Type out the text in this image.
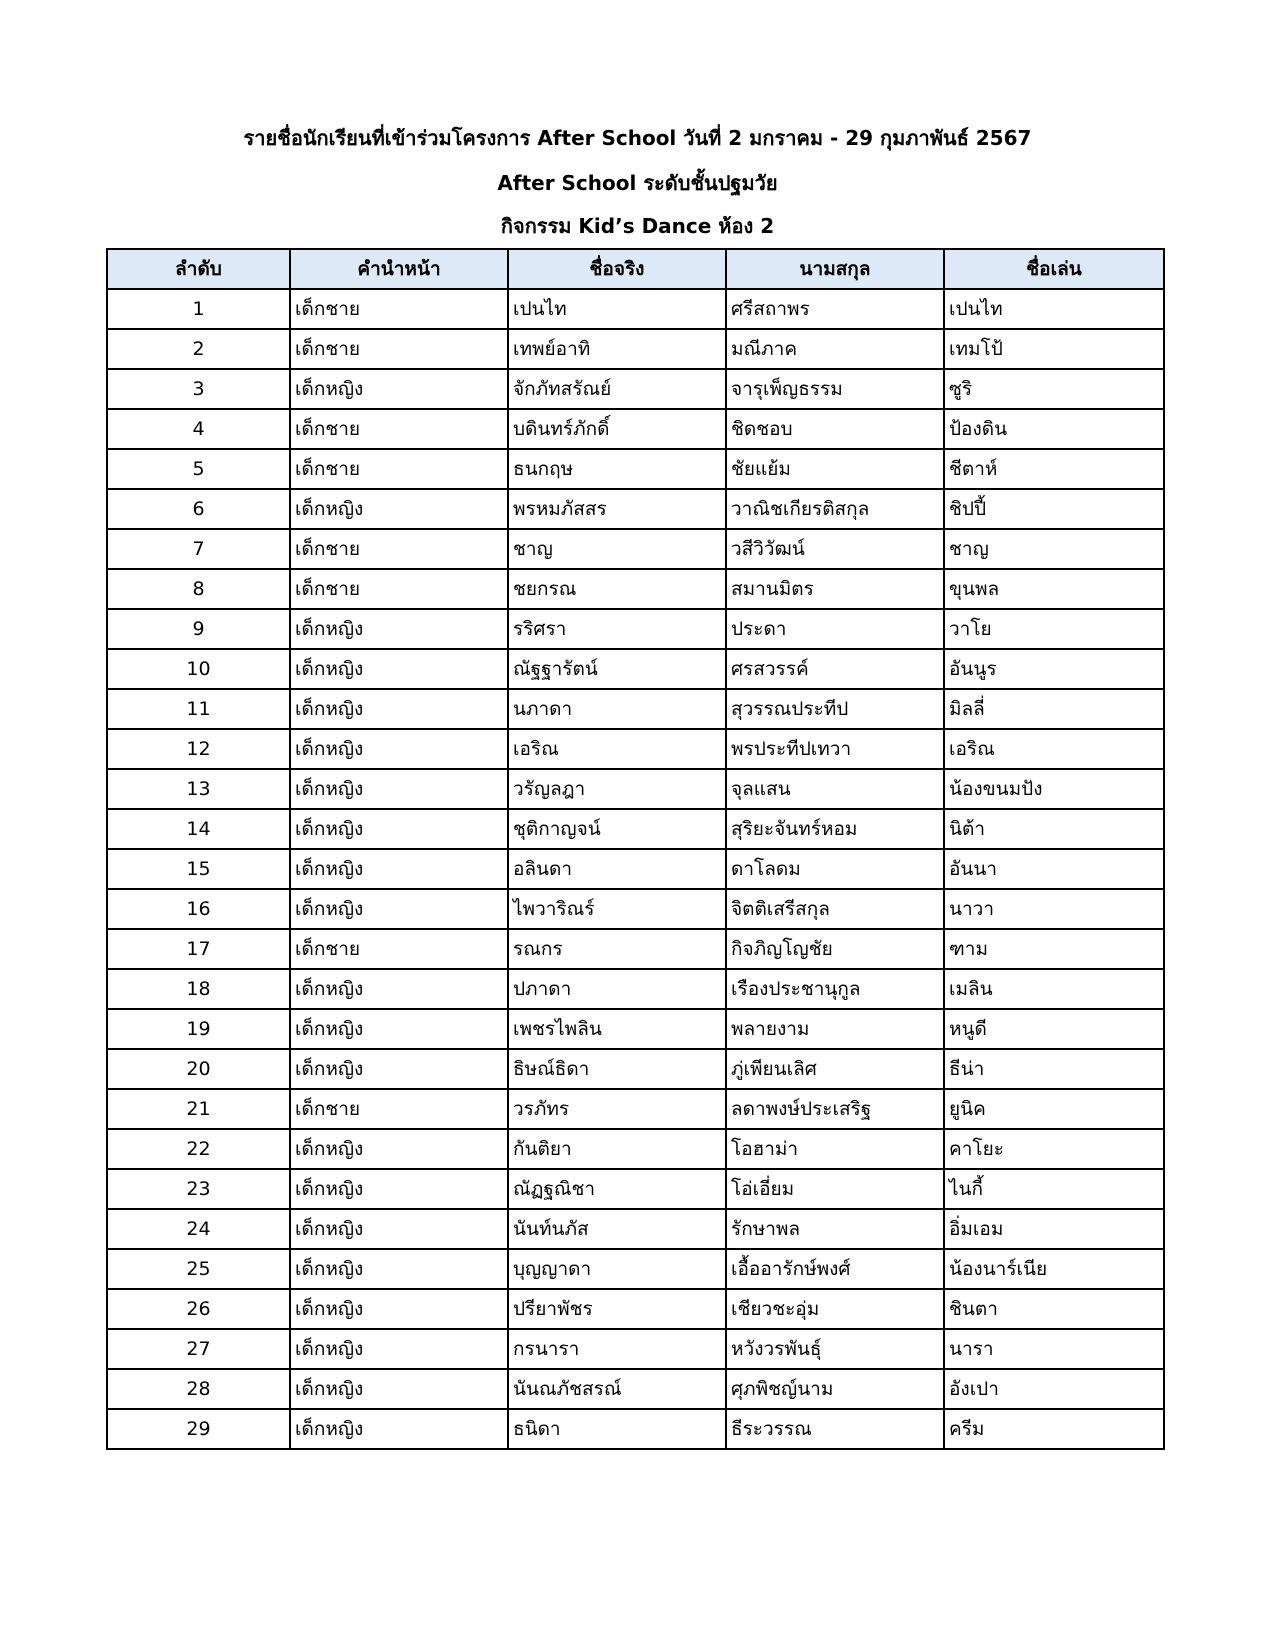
รายชื่อนักเรียนที่เข้าร่วมโครงการ After School วันที่ 2 มกราคม - 29 กุมภาพันธ์ 2567
After School ระดับชั้นปฐมวัย
กิจกรรม Kid’s Dance ห้อง 2
ลำดับ	คำนำหน้า	ชื่อจริง	นามสกุล	ชื่อเล่น
1	เด็กชาย	เปนไท	ศรีสถาพร	เปนไท
2	เด็กชาย	เทพย์อาทิ	มณีภาค	เทมโป้
3	เด็กหญิง	จักภัทสรัณย์	จารุเพ็ญธรรม	ซูริ
4	เด็กชาย	บดินทร์ภักดิ์	ชิดชอบ	ป้องดิน
5	เด็กชาย	ธนกฤษ	ชัยแย้ม	ชีตาห์
6	เด็กหญิง	พรหมภัสสร	วาณิชเกียรติสกุล	ชิปปี้
7	เด็กชาย	ชาญ	วสีวิวัฒน์	ชาญ
8	เด็กชาย	ชยกรณ	สมานมิตร	ขุนพล
9	เด็กหญิง	รริศรา	ประดา	วาโย
10	เด็กหญิง	ณัฐฐารัตน์	ศรสวรรค์	อันนูร
11	เด็กหญิง	นภาดา	สุวรรณประทีป	มิลลี่
12	เด็กหญิง	เอริณ	พรประทีปเทวา	เอริณ
13	เด็กหญิง	วรัญลฎา	จุลแสน	น้องขนมปัง
14	เด็กหญิง	ชุติกาญจน์	สุริยะจันทร์หอม	นิต้า
15	เด็กหญิง	อลินดา	ดาโลดม	อันนา
16	เด็กหญิง	ไพวาริณร์	จิตติเสรีสกุล	นาวา
17	เด็กชาย	รณกร	กิจภิญโญชัย	ฑาม
18	เด็กหญิง	ปภาดา	เรืองประชานุกูล	เมลิน
19	เด็กหญิง	เพชรไพลิน	พลายงาม	หนูดี
20	เด็กหญิง	ธิษณ์ธิดา	ภู่เพียนเลิศ	ธีน่า
21	เด็กชาย	วรภัทร	ลดาพงษ์ประเสริฐ	ยูนิค
22	เด็กหญิง	กันติยา	โอฮาม่า	คาโยะ
23	เด็กหญิง	ณัฏฐณิชา	โอ่เอี่ยม	ไนกี้
24	เด็กหญิง	นันท์นภัส	รักษาพล	อิ่มเอม
25	เด็กหญิง	บุญญาดา	เอื้ออารักษ์พงศ์	น้องนาร์เนีย
26	เด็กหญิง	ปรียาพัชร	เชียวชะอุ่ม	ชินตา
27	เด็กหญิง	กรนารา	หวังวรพันธุ์	นารา
28	เด็กหญิง	นันณภัชสรณ์	ศุภพิชญ์นาม	อังเปา
29	เด็กหญิง	ธนิดา	ธีระวรรณ	ครีม
